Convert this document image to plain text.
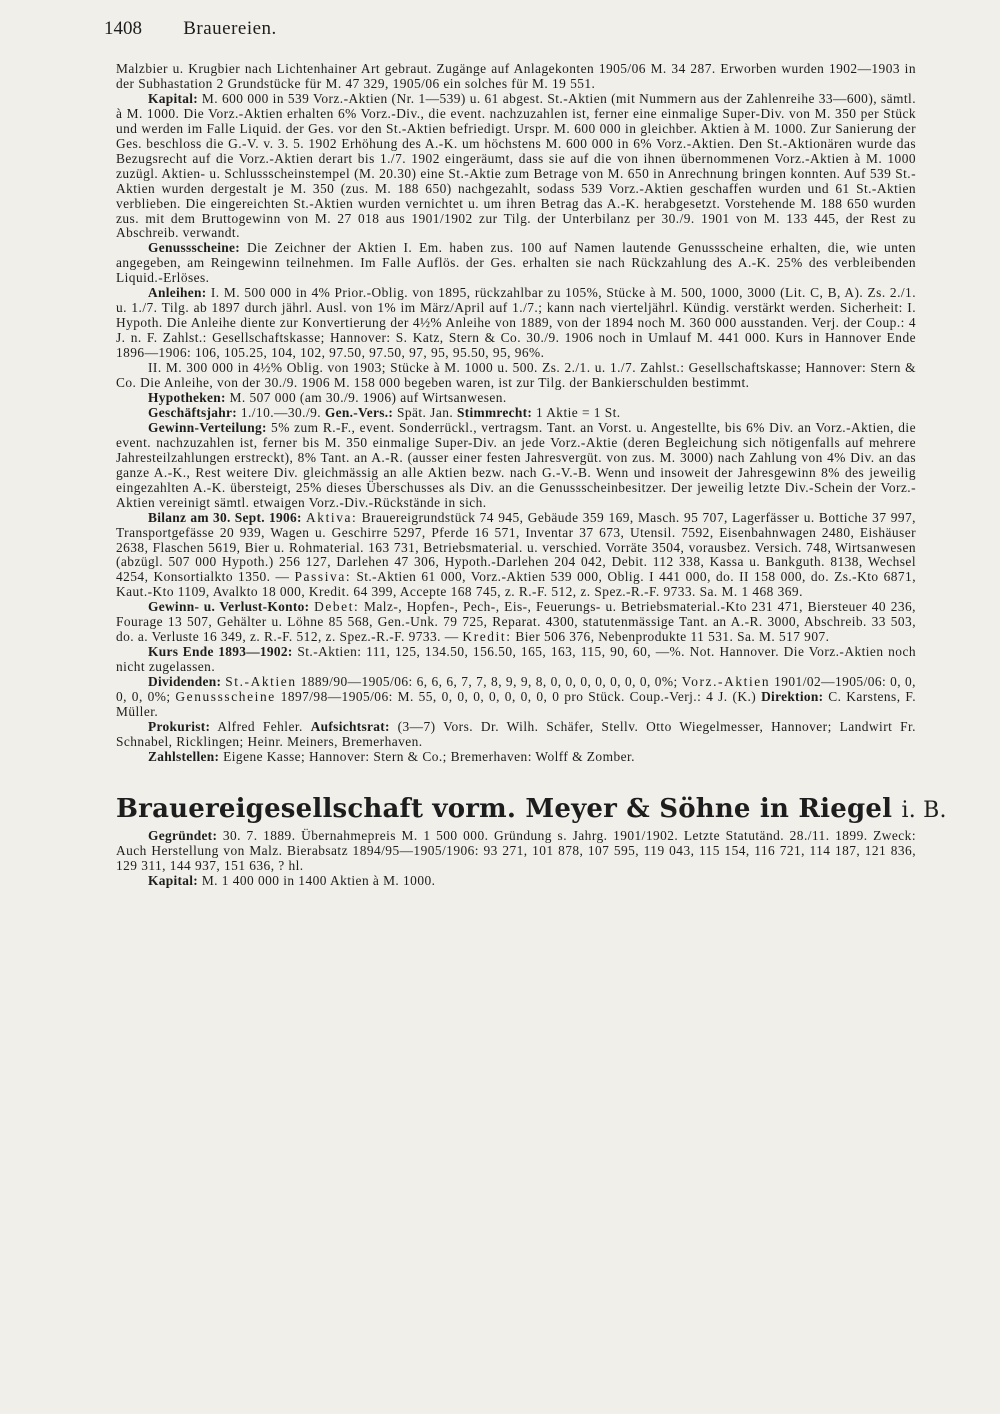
1408 Brauereien.

Malzbier u. Krugbier nach Lichtenhainer Art gebraut. Zugänge auf Anlagekonten 1905/06 M. 34 287. Erworben wurden 1902—1903 in der Subhastation 2 Grundstücke für M. 47 329, 1905/06 ein solches für M. 19 551.

Kapital: M. 600 000 in 539 Vorz.-Aktien (Nr. 1—539) u. 61 abgest. St.-Aktien (mit Nummern aus der Zahlenreihe 33—600), sämtl. à M. 1000. Die Vorz.-Aktien erhalten 6% Vorz.-Div., die event. nachzuzahlen ist, ferner eine einmalige Super-Div. von M. 350 per Stück und werden im Falle Liquid. der Ges. vor den St.-Aktien befriedigt. Urspr. M. 600 000 in gleichber. Aktien à M. 1000. Zur Sanierung der Ges. beschloss die G.-V. v. 3. 5. 1902 Erhöhung des A.-K. um höchstens M. 600 000 in 6% Vorz.-Aktien. Den St.-Aktionären wurde das Bezugsrecht auf die Vorz.-Aktien derart bis 1./7. 1902 eingeräumt, dass sie auf die von ihnen übernommenen Vorz.-Aktien à M. 1000 zuzügl. Aktien- u. Schlussscheinstempel (M. 20.30) eine St.-Aktie zum Betrage von M. 650 in Anrechnung bringen konnten. Auf 539 St.-Aktien wurden dergestalt je M. 350 (zus. M. 188 650) nachgezahlt, sodass 539 Vorz.-Aktien geschaffen wurden und 61 St.-Aktien verblieben. Die eingereichten St.-Aktien wurden vernichtet u. um ihren Betrag das A.-K. herabgesetzt. Vorstehende M. 188 650 wurden zus. mit dem Bruttogewinn von M. 27 018 aus 1901/1902 zur Tilg. der Unterbilanz per 30./9. 1901 von M. 133 445, der Rest zu Abschreib. verwandt.

Genussscheine: Die Zeichner der Aktien I. Em. haben zus. 100 auf Namen lautende Genussscheine erhalten, die, wie unten angegeben, am Reingewinn teilnehmen. Im Falle Auflös. der Ges. erhalten sie nach Rückzahlung des A.-K. 25% des verbleibenden Liquid.-Erlöses.

Anleihen: I. M. 500 000 in 4% Prior.-Oblig. von 1895, rückzahlbar zu 105%, Stücke à M. 500, 1000, 3000 (Lit. C, B, A). Zs. 2./1. u. 1./7. Tilg. ab 1897 durch jährl. Ausl. von 1% im März/April auf 1./7.; kann nach vierteljährl. Kündig. verstärkt werden. Sicherheit: I. Hypoth. Die Anleihe diente zur Konvertierung der 4½% Anleihe von 1889, von der 1894 noch M. 360 000 ausstanden. Verj. der Coup.: 4 J. n. F. Zahlst.: Gesellschaftskasse; Hannover: S. Katz, Stern & Co. 30./9. 1906 noch in Umlauf M. 441 000. Kurs in Hannover Ende 1896—1906: 106, 105.25, 104, 102, 97.50, 97.50, 97, 95, 95.50, 95, 96%.

II. M. 300 000 in 4½% Oblig. von 1903; Stücke à M. 1000 u. 500. Zs. 2./1. u. 1./7. Zahlst.: Gesellschaftskasse; Hannover: Stern & Co. Die Anleihe, von der 30./9. 1906 M. 158 000 begeben waren, ist zur Tilg. der Bankierschulden bestimmt.

Hypotheken: M. 507 000 (am 30./9. 1906) auf Wirtsanwesen.

Geschäftsjahr: 1./10.—30./9. Gen.-Vers.: Spät. Jan. Stimmrecht: 1 Aktie = 1 St.

Gewinn-Verteilung: 5% zum R.-F., event. Sonderrückl., vertragsm. Tant. an Vorst. u. Angestellte, bis 6% Div. an Vorz.-Aktien, die event. nachzuzahlen ist, ferner bis M. 350 einmalige Super-Div. an jede Vorz.-Aktie (deren Begleichung sich nötigenfalls auf mehrere Jahresteilzahlungen erstreckt), 8% Tant. an A.-R. (ausser einer festen Jahresvergüt. von zus. M. 3000) nach Zahlung von 4% Div. an das ganze A.-K., Rest weitere Div. gleichmässig an alle Aktien bezw. nach G.-V.-B. Wenn und insoweit der Jahresgewinn 8% des jeweilig eingezahlten A.-K. übersteigt, 25% dieses Überschusses als Div. an die Genussscheinbesitzer. Der jeweilig letzte Div.-Schein der Vorz.-Aktien vereinigt sämtl. etwaigen Vorz.-Div.-Rückstände in sich.

Bilanz am 30. Sept. 1906: Aktiva: Brauereigrundstück 74 945, Gebäude 359 169, Masch. 95 707, Lagerfässer u. Bottiche 37 997, Transportgefässe 20 939, Wagen u. Geschirre 5297, Pferde 16 571, Inventar 37 673, Utensil. 7592, Eisenbahnwagen 2480, Eishäuser 2638, Flaschen 5619, Bier u. Rohmaterial. 163 731, Betriebsmaterial. u. verschied. Vorräte 3504, vorausbez. Versich. 748, Wirtsanwesen (abzügl. 507 000 Hypoth.) 256 127, Darlehen 47 306, Hypoth.-Darlehen 204 042, Debit. 112 338, Kassa u. Bankguth. 8138, Wechsel 4254, Konsortialkto 1350. — Passiva: St.-Aktien 61 000, Vorz.-Aktien 539 000, Oblig. I 441 000, do. II 158 000, do. Zs.-Kto 6871, Kaut.-Kto 1109, Avalkto 18 000, Kredit. 64 399, Accepte 168 745, z. R.-F. 512, z. Spez.-R.-F. 9733. Sa. M. 1 468 369.

Gewinn- u. Verlust-Konto: Debet: Malz-, Hopfen-, Pech-, Eis-, Feuerungs- u. Betriebsmaterial.-Kto 231 471, Biersteuer 40 236, Fourage 13 507, Gehälter u. Löhne 85 568, Gen.-Unk. 79 725, Reparat. 4300, statutenmässige Tant. an A.-R. 3000, Abschreib. 33 503, do. a. Verluste 16 349, z. R.-F. 512, z. Spez.-R.-F. 9733. — Kredit: Bier 506 376, Nebenprodukte 11 531. Sa. M. 517 907.

Kurs Ende 1893—1902: St.-Aktien: 111, 125, 134.50, 156.50, 165, 163, 115, 90, 60, —%. Not. Hannover. Die Vorz.-Aktien noch nicht zugelassen.

Dividenden: St.-Aktien 1889/90—1905/06: 6, 6, 6, 7, 7, 8, 9, 9, 8, 0, 0, 0, 0, 0, 0, 0, 0%; Vorz.-Aktien 1901/02—1905/06: 0, 0, 0, 0, 0%; Genussscheine 1897/98—1905/06: M. 55, 0, 0, 0, 0, 0, 0, 0, 0 pro Stück. Coup.-Verj.: 4 J. (K.) Direktion: C. Karstens, F. Müller.

Prokurist: Alfred Fehler. Aufsichtsrat: (3—7) Vors. Dr. Wilh. Schäfer, Stellv. Otto Wiegelmesser, Hannover; Landwirt Fr. Schnabel, Ricklingen; Heinr. Meiners, Bremerhaven.

Zahlstellen: Eigene Kasse; Hannover: Stern & Co.; Bremerhaven: Wolff & Zomber.

Brauereigesellschaft vorm. Meyer & Söhne in Riegel i. B.

Gegründet: 30. 7. 1889. Übernahmepreis M. 1 500 000. Gründung s. Jahrg. 1901/1902. Letzte Statutänd. 28./11. 1899. Zweck: Auch Herstellung von Malz. Bierabsatz 1894/95—1905/1906: 93 271, 101 878, 107 595, 119 043, 115 154, 116 721, 114 187, 121 836, 129 311, 144 937, 151 636, ? hl.

Kapital: M. 1 400 000 in 1400 Aktien à M. 1000.
